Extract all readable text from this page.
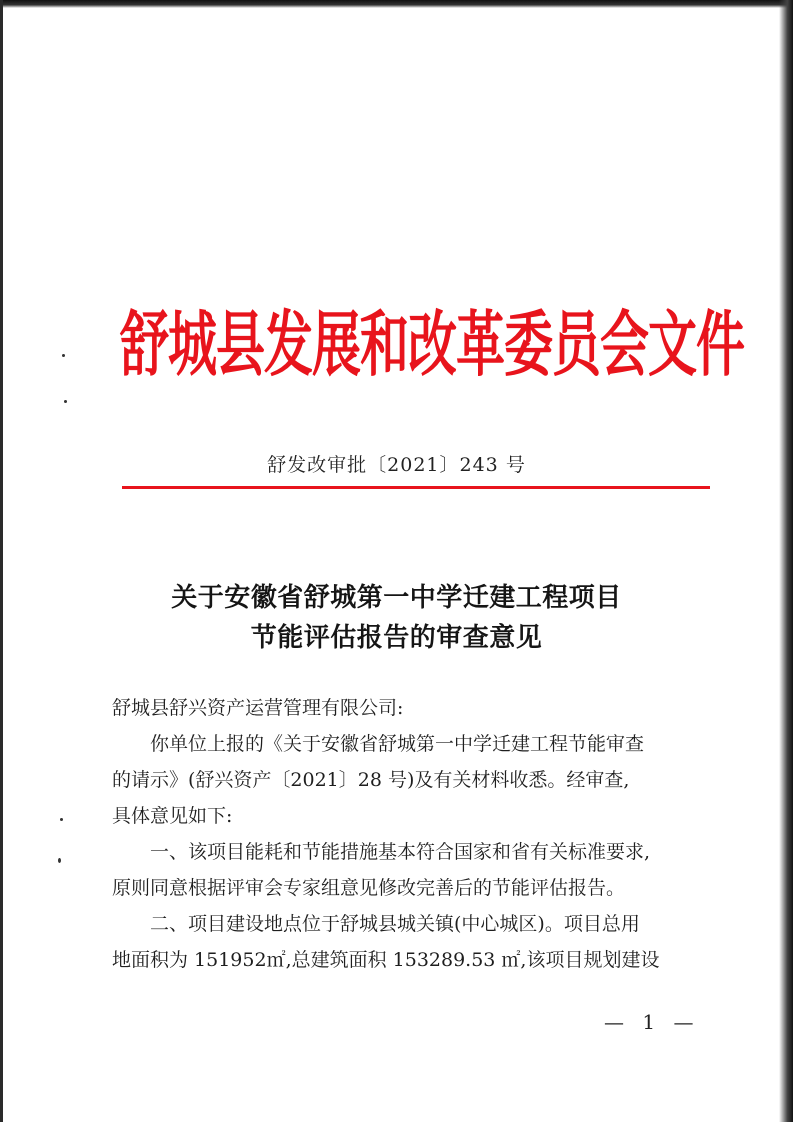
舒城县发展和改革委员会文件
舒发改审批〔2021〕243 号
关于安徽省舒城第一中学迁建工程项目
节能评估报告的审查意见
舒城县舒兴资产运营管理有限公司:
你单位上报的《关于安徽省舒城第一中学迁建工程节能审查
的请示》(舒兴资产〔2021〕28 号)及有关材料收悉。经审查,
具体意见如下:
一、该项目能耗和节能措施基本符合国家和省有关标准要求,
原则同意根据评审会专家组意见修改完善后的节能评估报告。
二、项目建设地点位于舒城县城关镇(中心城区)。项目总用
地面积为 151952㎡,总建筑面积 153289.53 ㎡,该项目规划建设
— 1 —
